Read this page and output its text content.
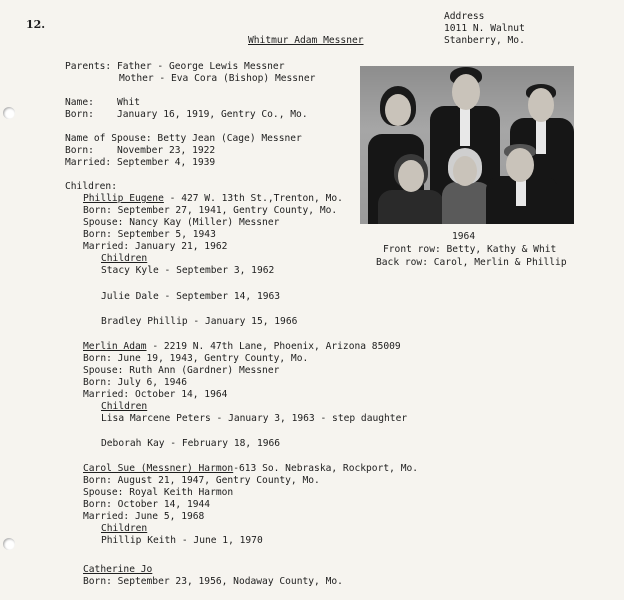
12.
Address
1011 N. Walnut
Stanberry, Mo.
Whitmur Adam Messner
Parents: Father - George Lewis Messner
Mother - Eva Cora (Bishop) Messner
Name:    Whit
Born:    January 16, 1919, Gentry Co., Mo.
Name of Spouse: Betty Jean (Cage) Messner
Born:    November 23, 1922
Married: September 4, 1939
Children:
Phillip Eugene - 427 W. 13th St.,Trenton, Mo.
Born: September 27, 1941, Gentry County, Mo.
Spouse: Nancy Kay (Miller) Messner
Born: September 5, 1943
Married: January 21, 1962
Children
Stacy Kyle - September 3, 1962
Julie Dale - September 14, 1963
Bradley Phillip - January 15, 1966
Merlin Adam - 2219 N. 47th Lane, Phoenix, Arizona 85009
Born: June 19, 1943, Gentry County, Mo.
Spouse: Ruth Ann (Gardner) Messner
Born: July 6, 1946
Married: October 14, 1964
Children
Lisa Marcene Peters - January 3, 1963 - step daughter
Deborah Kay - February 18, 1966
Carol Sue (Messner) Harmon-613 So. Nebraska, Rockport, Mo.
Born: August 21, 1947, Gentry County, Mo.
Spouse: Royal Keith Harmon
Born: October 14, 1944
Married: June 5, 1968
Children
Phillip Keith - June 1, 1970
Catherine Jo
Born: September 23, 1956, Nodaway County, Mo.
1964
Front row: Betty, Kathy & Whit
Back row: Carol, Merlin & Phillip
